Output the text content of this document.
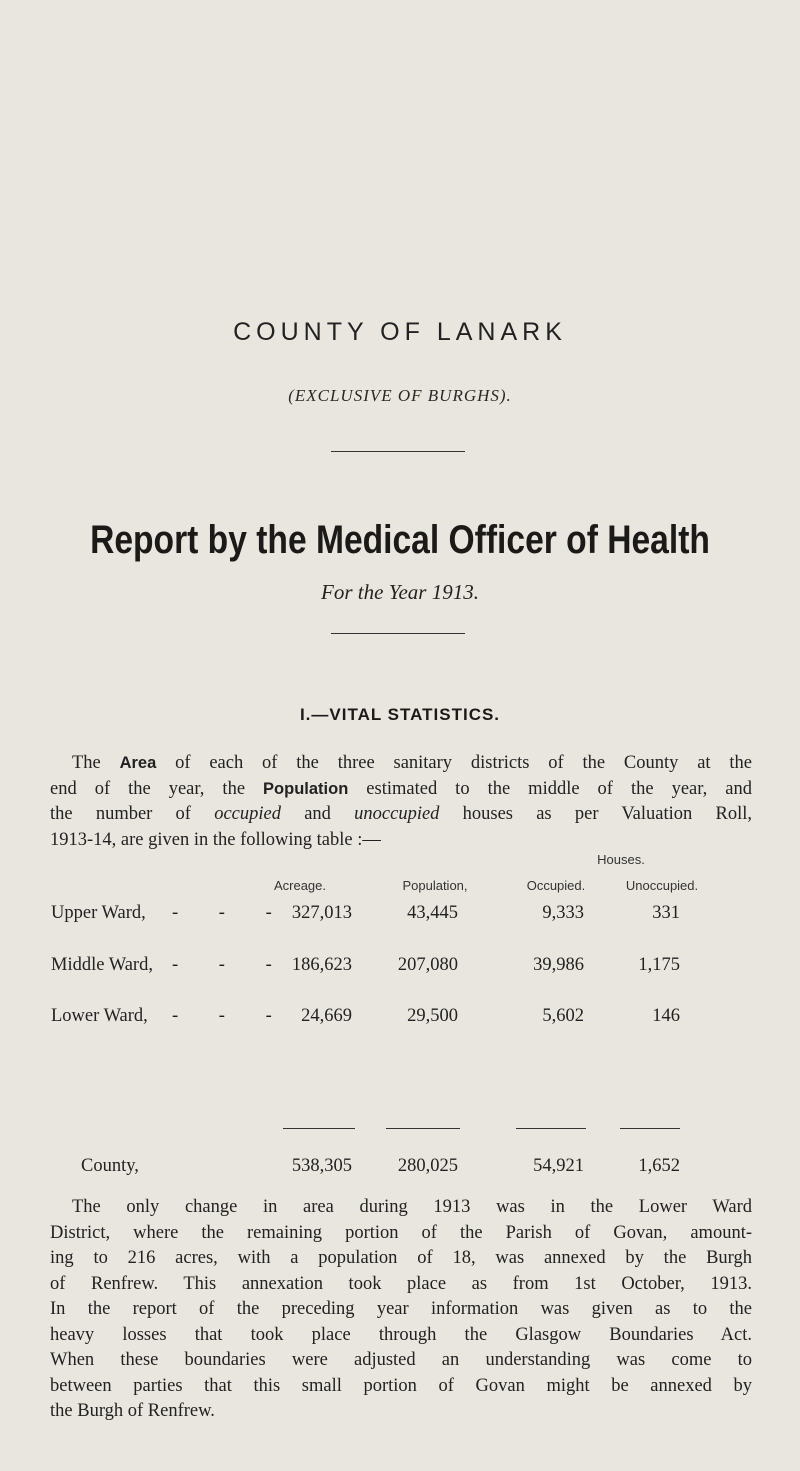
COUNTY OF LANARK
(EXCLUSIVE OF BURGHS).
Report by the Medical Officer of Health
For the Year 1913.
I.—VITAL STATISTICS.
The Area of each of the three sanitary districts of the County at the
end of the year, the Population estimated to the middle of the year, and
the number of occupied and unoccupied houses as per Valuation Roll,
1913-14, are given in the following table :—
Houses.
Acreage.	Population,	Occupied.	Unoccupied.
Upper Ward, - - - 327,013	43,445	9,333	331
Middle Ward, - - - 186,623	207,080	39,986	1,175
Lower Ward, - - - 24,669	29,500	5,602	146
County,	538,305	280,025	54,921	1,652
The only change in area during 1913 was in the Lower Ward
District, where the remaining portion of the Parish of Govan, amount-
ing to 216 acres, with a population of 18, was annexed by the Burgh
of Renfrew. This annexation took place as from 1st October, 1913.
In the report of the preceding year information was given as to the
heavy losses that took place through the Glasgow Boundaries Act.
When these boundaries were adjusted an understanding was come to
between parties that this small portion of Govan might be annexed by
the Burgh of Renfrew.
